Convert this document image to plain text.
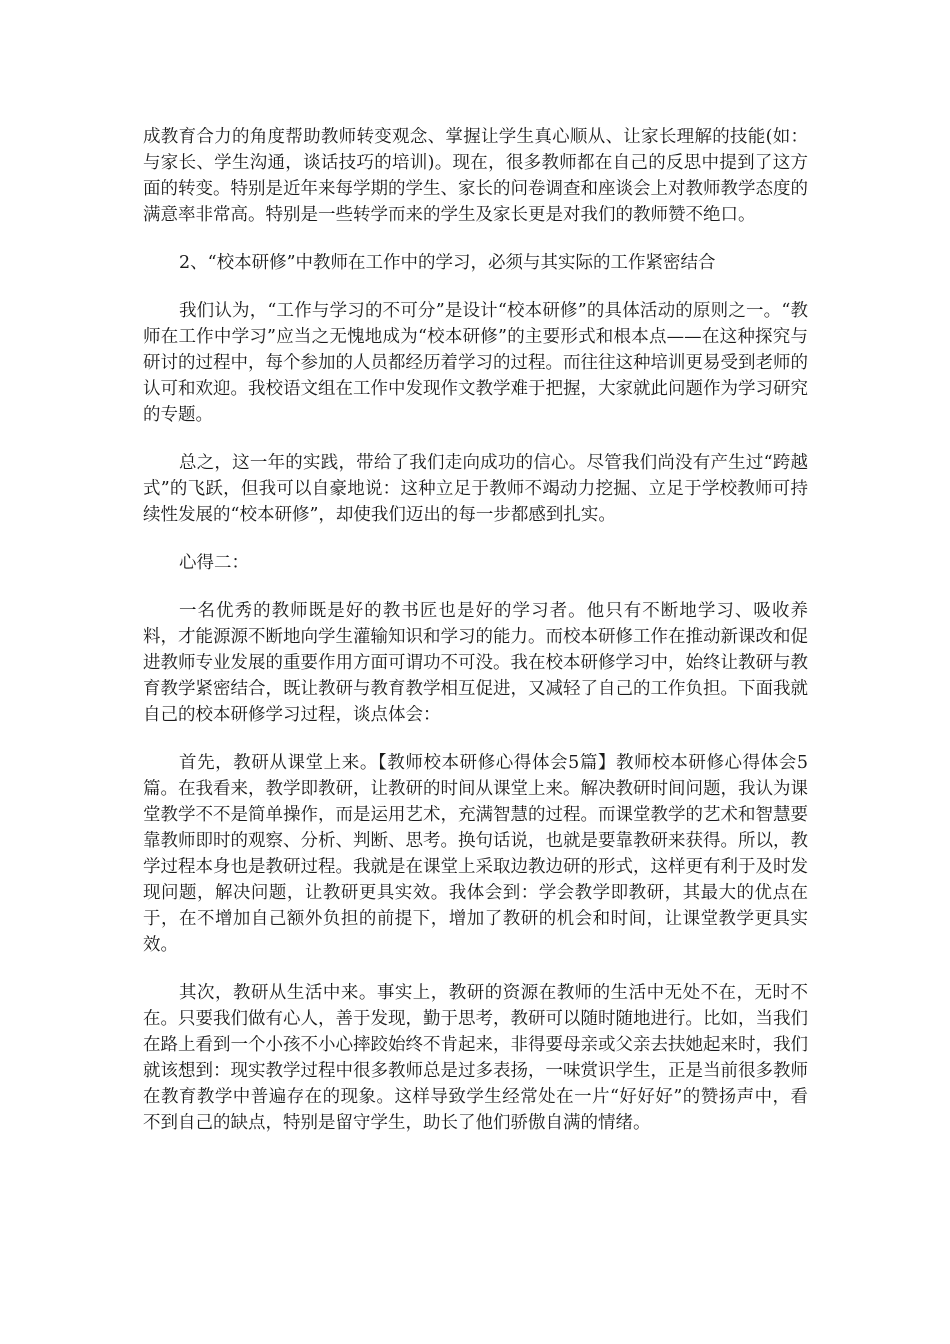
成教育合力的角度帮助教师转变观念、掌握让学生真心顺从、让家长理解的技能(如：与家长、学生沟通，谈话技巧的培训)。现在，很多教师都在自己的反思中提到了这方面的转变。特别是近年来每学期的学生、家长的问卷调查和座谈会上对教师教学态度的满意率非常高。特别是一些转学而来的学生及家长更是对我们的教师赞不绝口。

2、“校本研修”中教师在工作中的学习，必须与其实际的工作紧密结合

我们认为，“工作与学习的不可分”是设计“校本研修”的具体活动的原则之一。“教师在工作中学习”应当之无愧地成为“校本研修”的主要形式和根本点——在这种探究与研讨的过程中，每个参加的人员都经历着学习的过程。而往往这种培训更易受到老师的认可和欢迎。我校语文组在工作中发现作文教学难于把握，大家就此问题作为学习研究的专题。

总之，这一年的实践，带给了我们走向成功的信心。尽管我们尚没有产生过“跨越式”的飞跃，但我可以自豪地说：这种立足于教师不竭动力挖掘、立足于学校教师可持续性发展的“校本研修”，却使我们迈出的每一步都感到扎实。

心得二：

一名优秀的教师既是好的教书匠也是好的学习者。他只有不断地学习、吸收养料，才能源源不断地向学生灌输知识和学习的能力。而校本研修工作在推动新课改和促进教师专业发展的重要作用方面可谓功不可没。我在校本研修学习中，始终让教研与教育教学紧密结合，既让教研与教育教学相互促进，又减轻了自己的工作负担。下面我就自己的校本研修学习过程，谈点体会：

首先，教研从课堂上来。【教师校本研修心得体会5篇】教师校本研修心得体会5篇。在我看来，教学即教研，让教研的时间从课堂上来。解决教研时间问题，我认为课堂教学不不是简单操作，而是运用艺术，充满智慧的过程。而课堂教学的艺术和智慧要靠教师即时的观察、分析、判断、思考。换句话说，也就是要靠教研来获得。所以，教学过程本身也是教研过程。我就是在课堂上采取边教边研的形式，这样更有利于及时发现问题，解决问题，让教研更具实效。我体会到：学会教学即教研，其最大的优点在于，在不增加自己额外负担的前提下，增加了教研的机会和时间，让课堂教学更具实效。

其次，教研从生活中来。事实上，教研的资源在教师的生活中无处不在，无时不在。只要我们做有心人，善于发现，勤于思考，教研可以随时随地进行。比如，当我们在路上看到一个小孩不小心摔跤始终不肯起来，非得要母亲或父亲去扶她起来时，我们就该想到：现实教学过程中很多教师总是过多表扬，一味赏识学生，正是当前很多教师在教育教学中普遍存在的现象。这样导致学生经常处在一片“好好好”的赞扬声中，看不到自己的缺点，特别是留守学生，助长了他们骄傲自满的情绪。
